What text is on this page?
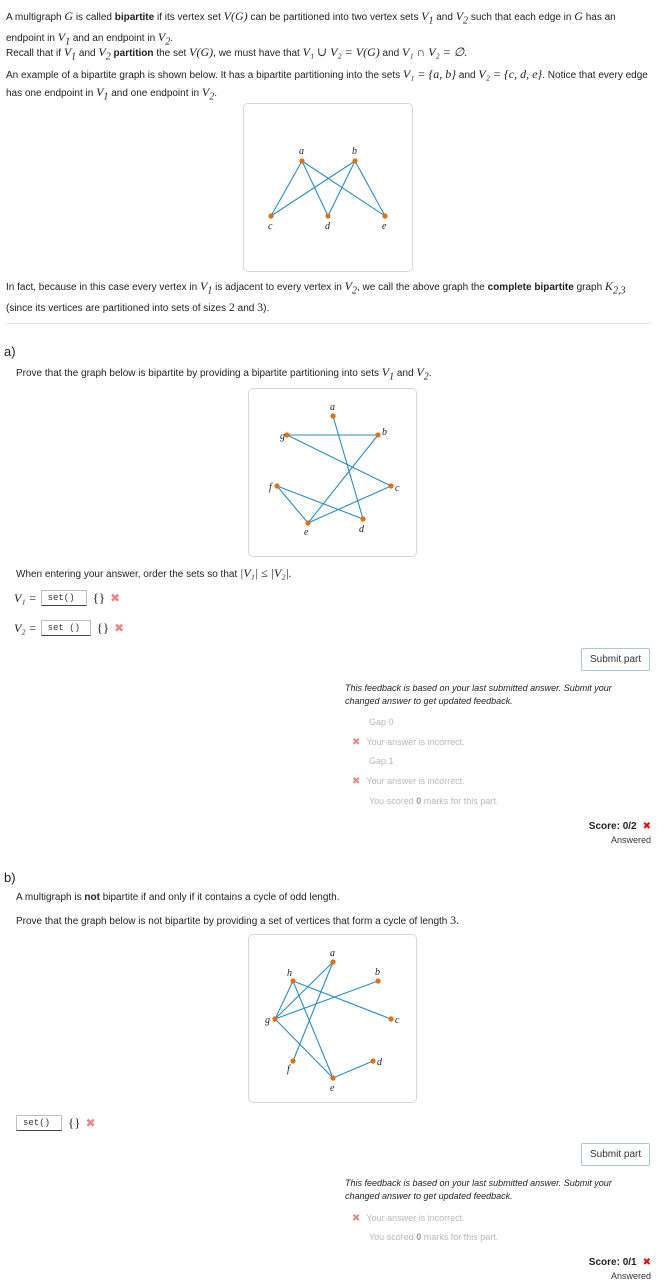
A multigraph G is called bipartite if its vertex set V(G) can be partitioned into two vertex sets $V_1$ and $V_2$ such that each edge in G has an endpoint in $V_1$ and an endpoint in $V_2$.
Recall that if $V_1$ and $V_2$ partition the set V(G), we must have that V₁ ∪ V₂ = V(G) and V₁ ∩ V₂ = ∅.
An example of a bipartite graph is shown below. It has a bipartite partitioning into the sets V₁ = {a, b} and V₂ = {c, d, e}. Notice that every edge has one endpoint in $V_1$ and one endpoint in $V_2$.
a	b
c	d	e
In fact, because in this case every vertex in $V_1$ is adjacent to every vertex in $V_2$, we call the above graph the complete bipartite graph $K_{2,3}$ (since its vertices are partitioned into sets of sizes 2 and 3).
a)
Prove that the graph below is bipartite by providing a bipartite partitioning into sets $V_1$ and $V_2$.
a
b
c
d
e
f
g
When entering your answer, order the sets so that |V₁| ≤ |V₂|.
V₁ =	set()	{} ✖
V₂ =	set ()	{} ✖
Submit part
This feedback is based on your last submitted answer. Submit your changed answer to get updated feedback.
Gap 0
✖ Your answer is incorrect.
Gap 1
✖ Your answer is incorrect.
You scored 0 marks for this part.
Score: 0/2 ✖
Answered
b)
A multigraph is not bipartite if and only if it contains a cycle of odd length.
Prove that the graph below is not bipartite by providing a set of vertices that form a cycle of length 3.
a
b
c
d
e
f
g
h
set()	{} ✖
Submit part
This feedback is based on your last submitted answer. Submit your changed answer to get updated feedback.
✖ Your answer is incorrect.
You scored 0 marks for this part.
Score: 0/1 ✖
Answered
